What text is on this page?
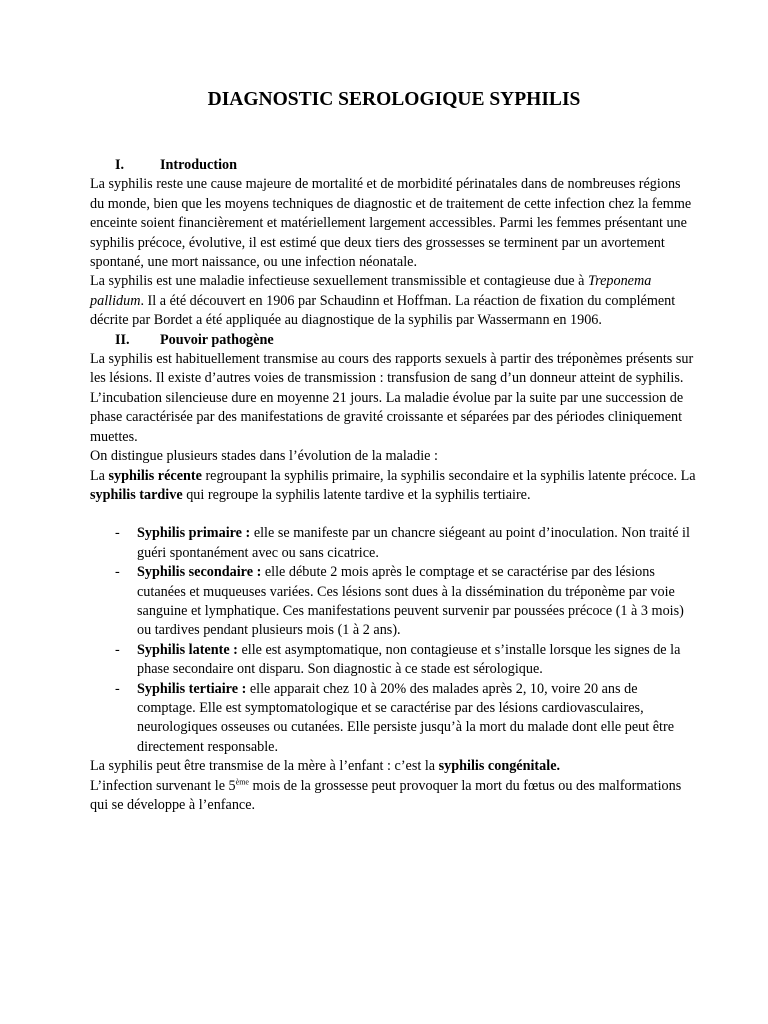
DIAGNOSTIC SEROLOGIQUE SYPHILIS
I.	Introduction

La syphilis reste une cause majeure de mortalité et de morbidité périnatales dans de nombreuses régions du monde, bien que les moyens techniques de diagnostic et de traitement de cette infection chez la femme enceinte soient financièrement et matériellement largement accessibles. Parmi les femmes présentant une syphilis précoce, évolutive, il est estimé que deux tiers des grossesses se terminent par un avortement spontané, une mort naissance, ou une infection néonatale.

La syphilis est une maladie infectieuse sexuellement transmissible et contagieuse due à Treponema pallidum. Il a été découvert en 1906 par Schaudinn et Hoffman. La réaction de fixation du complément décrite par Bordet a été appliquée au diagnostique de la syphilis par Wassermann en 1906.

II. Pouvoir pathogène

La syphilis est habituellement transmise au cours des rapports sexuels à partir des tréponèmes présents sur les lésions. Il existe d’autres voies de transmission : transfusion de sang d’un donneur atteint de syphilis.

L’incubation silencieuse dure en moyenne 21 jours. La maladie évolue par la suite par une succession de phase caractérisée par des manifestations de gravité croissante et séparées par des périodes cliniquement muettes.

On distingue plusieurs stades dans l’évolution de la maladie :

La syphilis récente regroupant la syphilis primaire, la syphilis secondaire et la syphilis latente précoce. La syphilis tardive qui regroupe la syphilis latente tardive et la syphilis tertiaire.

- Syphilis primaire : elle se manifeste par un chancre siégeant au point d’inoculation. Non traité il guéri spontanément avec ou sans cicatrice.
- Syphilis secondaire : elle débute 2 mois après le comptage et se caractérise par des lésions cutanées et muqueuses variées. Ces lésions sont dues à la dissémination du tréponème par voie sanguine et lymphatique. Ces manifestations peuvent survenir par poussées précoce (1 à 3 mois) ou tardives pendant plusieurs mois (1 à 2 ans).
- Syphilis latente : elle est asymptomatique, non contagieuse et s’installe lorsque les signes de la phase secondaire ont disparu. Son diagnostic à ce stade est sérologique.
- Syphilis tertiaire : elle apparait chez 10 à 20% des malades après 2, 10, voire 20 ans de comptage. Elle est symptomatologique et se caractérise par des lésions cardiovasculaires, neurologiques osseuses ou cutanées. Elle persiste jusqu’à la mort du malade dont elle peut être directement responsable.

La syphilis peut être transmise de la mère à l’enfant : c’est la syphilis congénitale.

L’infection survenant le 5ème mois de la grossesse peut provoquer la mort du fœtus ou des malformations qui se développe à l’enfance.
